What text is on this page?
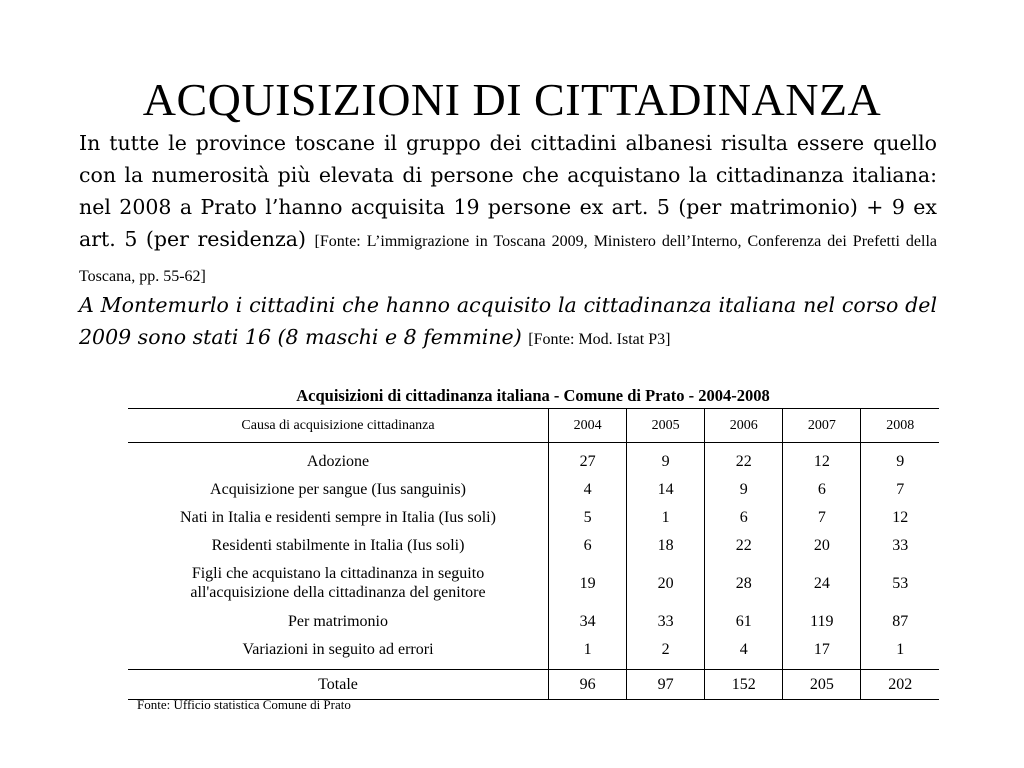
ACQUISIZIONI DI CITTADINANZA

In tutte le province toscane il gruppo dei cittadini albanesi risulta essere quello con la numerosità più elevata di persone che acquistano la cittadinanza italiana: nel 2008 a Prato l’hanno acquisita 19 persone ex art. 5 (per matrimonio) + 9 ex art. 5 (per residenza) [Fonte: L’immigrazione in Toscana 2009, Ministero dell’Interno, Conferenza dei Prefetti della Toscana, pp. 55-62]

A Montemurlo i cittadini che hanno acquisito la cittadinanza italiana nel corso del 2009 sono stati 16 (8 maschi e 8 femmine) [Fonte: Mod. Istat P3]

Acquisizioni di cittadinanza italiana - Comune di Prato - 2004-2008
Causa di acquisizione cittadinanza	2004	2005	2006	2007	2008
Adozione	27	9	22	12	9
Acquisizione per sangue (Ius sanguinis)	4	14	9	6	7
Nati in Italia e residenti sempre in Italia (Ius soli)	5	1	6	7	12
Residenti stabilmente in Italia (Ius soli)	6	18	22	20	33
Figli che acquistano la cittadinanza in seguito all'acquisizione della cittadinanza del genitore	19	20	28	24	53
Per matrimonio	34	33	61	119	87
Variazioni in seguito ad errori	1	2	4	17	1
Totale	96	97	152	205	202
Fonte: Ufficio statistica Comune di Prato
